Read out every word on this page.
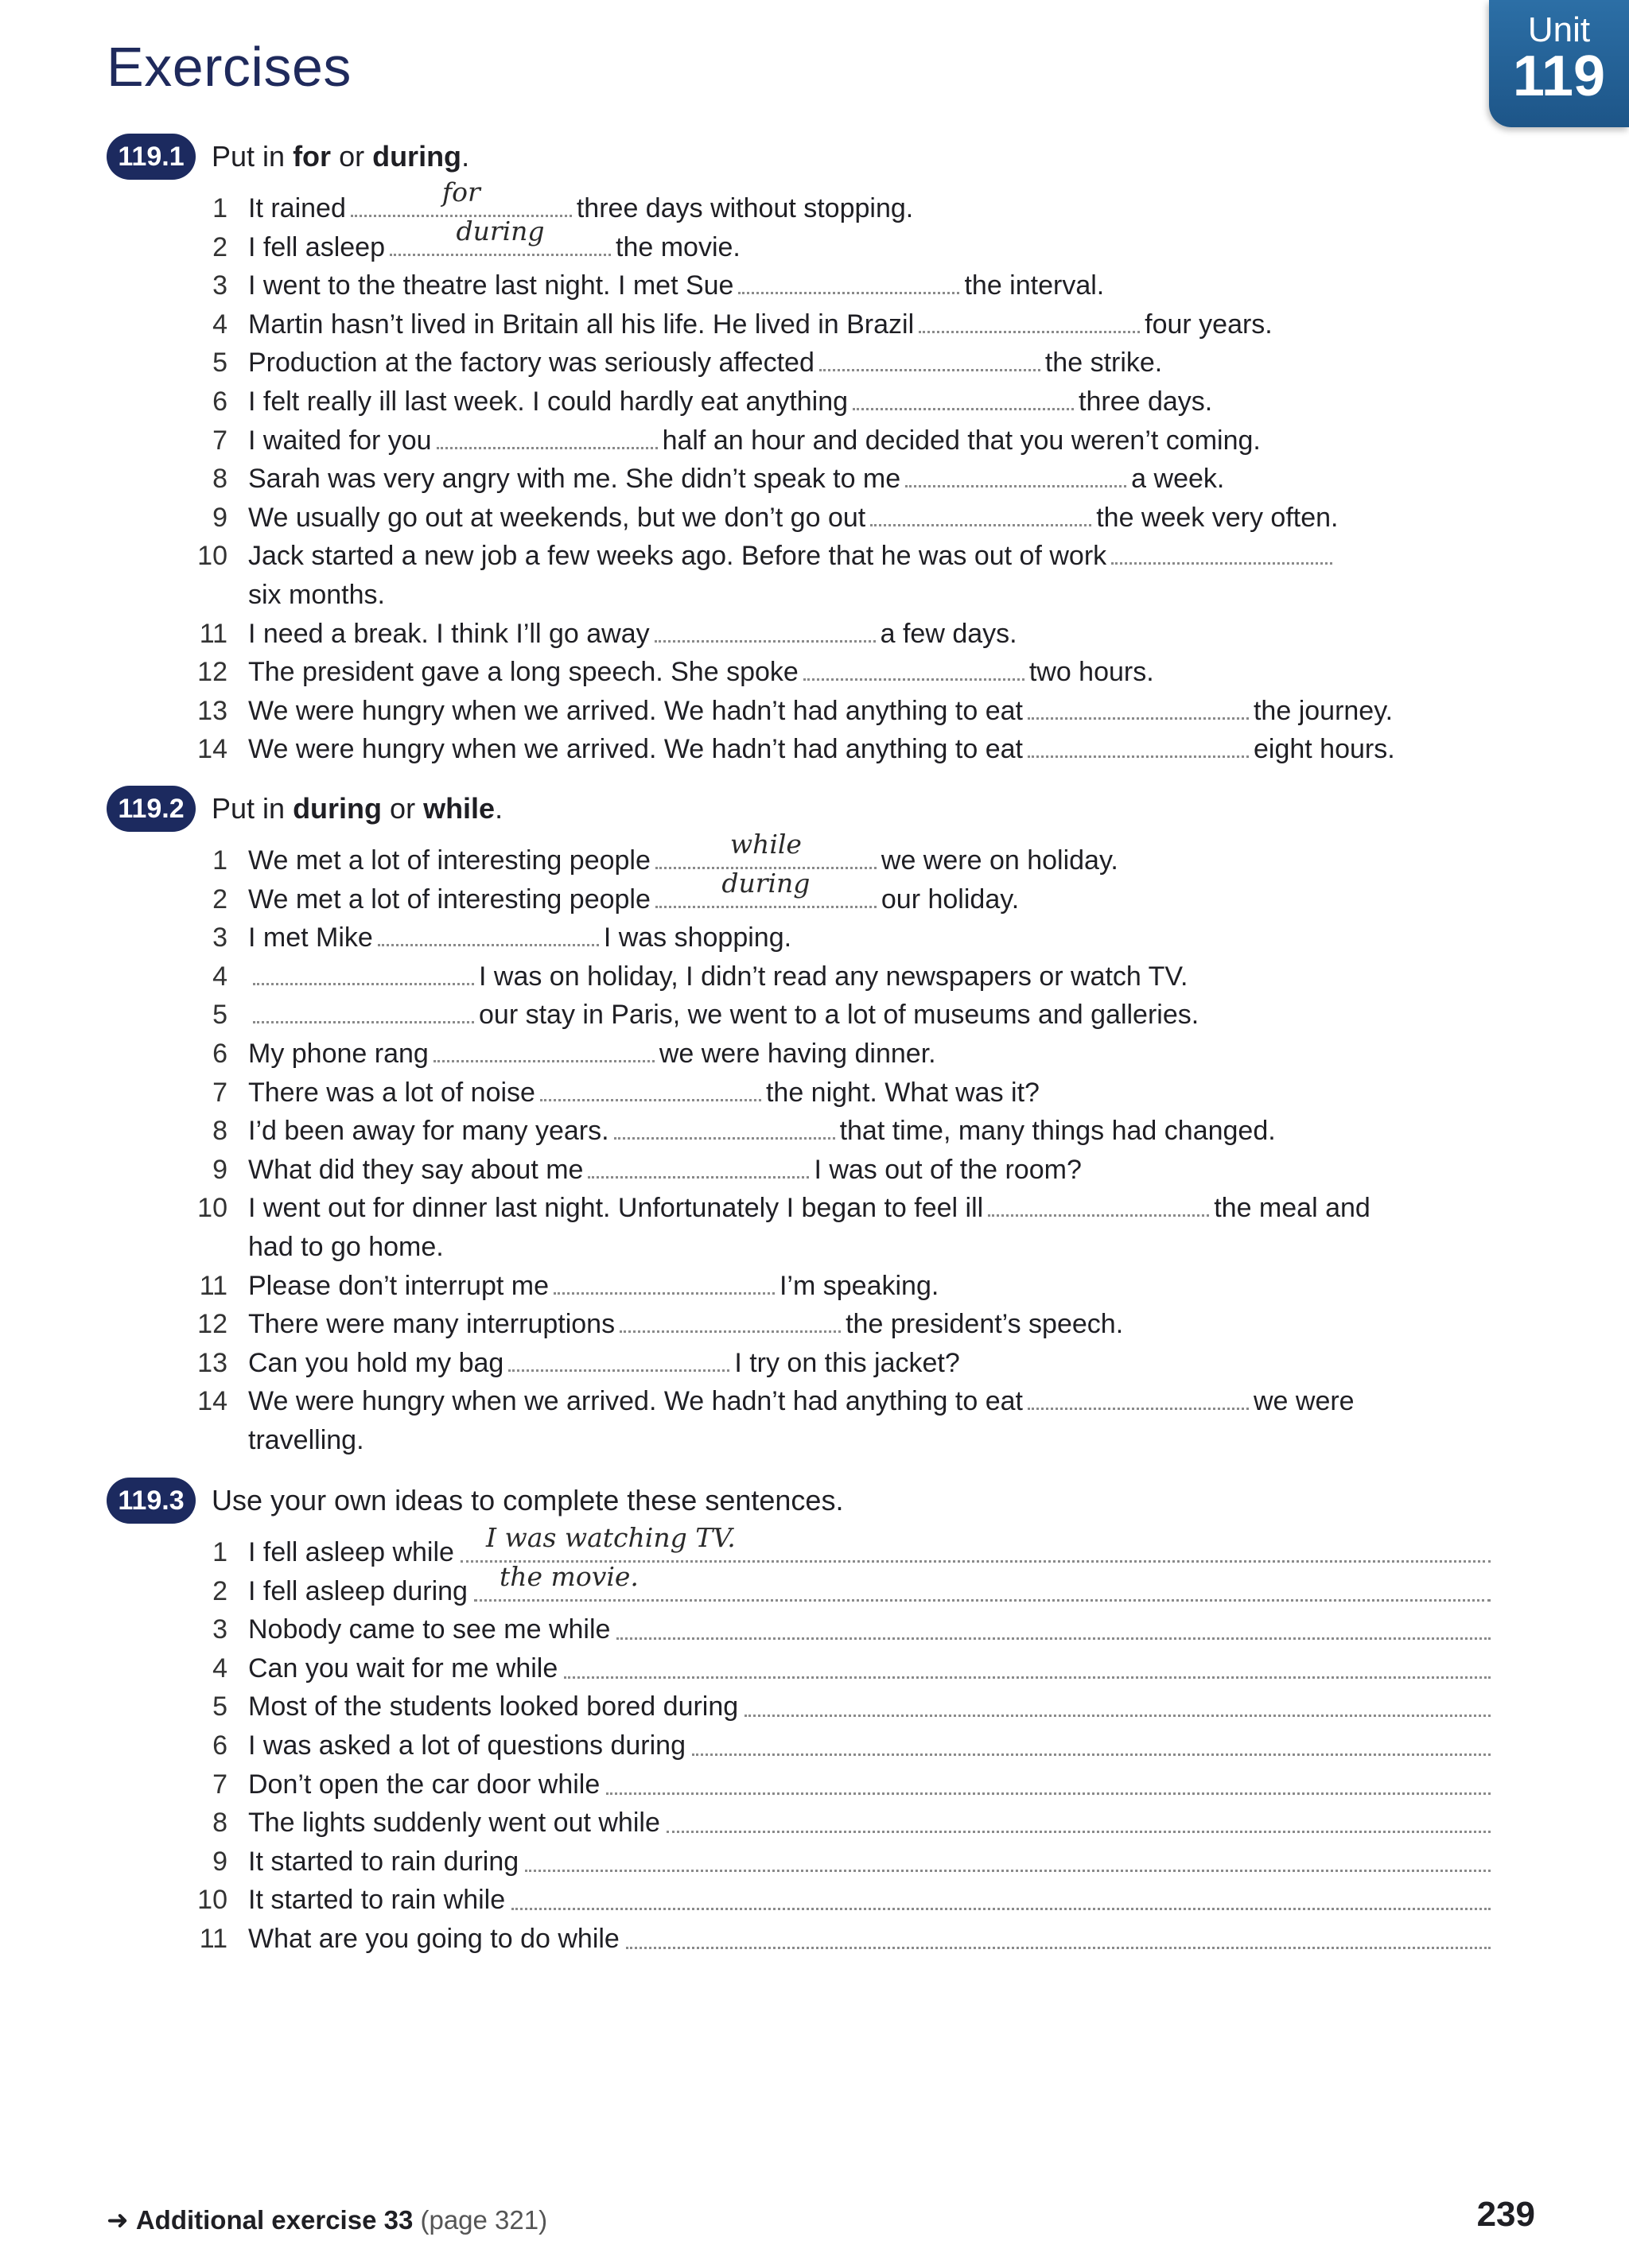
Exercises
Unit
119
119.1 Put in for or during.
1 It rained
for
three days without stopping.
2 I fell asleep
during
the movie.
3 I went to the theatre last night. I met Sue	the interval.
4 Martin hasn’t lived in Britain all his life. He lived in Brazil	four years.
5 Production at the factory was seriously affected	the strike.
6 I felt really ill last week. I could hardly eat anything	three days.
7 I waited for you	half an hour and decided that you weren’t coming.
8 Sarah was very angry with me. She didn’t speak to me	a week.
9 We usually go out at weekends, but we don’t go out	the week very often.
10 Jack started a new job a few weeks ago. Before that he was out of work
six months.
11 I need a break. I think I’ll go away	a few days.
12 The president gave a long speech. She spoke	two hours.
13 We were hungry when we arrived. We hadn’t had anything to eat	the journey.
14 We were hungry when we arrived. We hadn’t had anything to eat	eight hours.
119.2 Put in during or while.
1 We met a lot of interesting people
while
we were on holiday.
2 We met a lot of interesting people
during
our holiday.
3 I met Mike	I was shopping.
4	I was on holiday, I didn’t read any newspapers or watch TV.
5	our stay in Paris, we went to a lot of museums and galleries.
6 My phone rang	we were having dinner.
7 There was a lot of noise	the night. What was it?
8 I’d been away for many years.	that time, many things had changed.
9 What did they say about me	I was out of the room?
10 I went out for dinner last night. Unfortunately I began to feel ill	the meal and
had to go home.
11 Please don’t interrupt me	I’m speaking.
12 There were many interruptions	the president’s speech.
13 Can you hold my bag	I try on this jacket?
14 We were hungry when we arrived. We hadn’t had anything to eat	we were
travelling.
119.3 Use your own ideas to complete these sentences.
1 I fell asleep while I was watching TV.
2 I fell asleep during the movie.
3 Nobody came to see me while
4 Can you wait for me while
5 Most of the students looked bored during
6 I was asked a lot of questions during
7 Don’t open the car door while
8 The lights suddenly went out while
9 It started to rain during
10 It started to rain while
11 What are you going to do while
➜ Additional exercise 33 (page 321)	239
